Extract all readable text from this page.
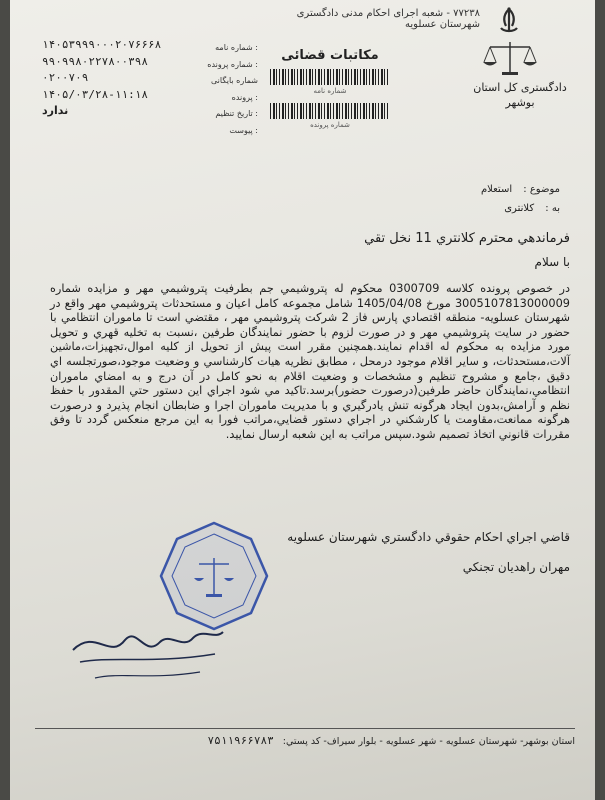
۷۷۲۳۸ - شعبه اجرای احکام مدنی دادگستری شهرستان عسلویه
دادگستری کل استان
بوشهر
مکاتبات قضائی
شماره نامه
شماره پرونده
شماره نامه :
شماره پرونده :
شماره بایگانی پرونده :
تاریخ تنظیم :
پیوست :
۱۴۰۵۳۹۹۹۰۰۰۲۰۷۶۶۶۸
۹۹۰۹۹۸۰۲۲۷۸۰۰۳۹۸
۰۲۰۰۷۰۹
۱۴۰۵/۰۳/۲۸-۱۱:۱۸
ندارد
موضوع : استعلام
به : کلانتری
فرماندهي محترم كلانتري 11 نخل تقي
با سلام
در خصوص پرونده کلاسه 0300709 محکوم له پتروشيمي جم بطرفيت پتروشيمي مهر و مزايده شماره 3005107813000009 مورخ 1405/04/08 شامل مجموعه کامل اعيان و مستحدثات پتروشيمي مهر واقع در شهرستان عسلويه- منطقه اقتصادي پارس فاز 2 شرکت پتروشيمي مهر ، مقتضي است تا ماموران انتظامي با حضور در سايت پتروشيمي مهر و در صورت لزوم با حضور نمايندگان طرفين ،نسبت به تخليه قهري و تحويل مورد مزايده به محکوم له اقدام نمايند.همچنين مقرر است پيش از تحويل از کليه اموال،تجهيزات،ماشين آلات،مستحدثات، و ساير اقلام موجود درمحل ، مطابق نظريه هيات کارشناسي و وضعيت موجود،صورتجلسه اي دقيق ،جامع و مشروح تنظيم و مشخصات و وضعيت اقلام به نحو کامل در آن درج و به امضاي ماموران انتظامي،نمايندگان حاضر طرفين(درصورت حضور)برسد.تاکيد مي شود اجراي اين دستور حتي المقدور با حفظ نظم و آرامش،بدون ايجاد هرگونه تنش يادرگيري و با مديريت ماموران اجرا و ضابطان انجام پذيرد و درصورت هرگونه ممانعت،مقاومت يا کارشکني در اجراي دستور قضايي،مراتب فورا به اين مرجع منعکس گردد تا وفق مقررات قانوني اتخاذ تصميم شود.سپس مراتب به اين شعبه ارسال نماييد.
قاضي اجراي احكام حقوقي دادگستري شهرستان عسلويه
مهران راهديان تجنكي
استان بوشهر- شهرستان عسلويه - شهر عسلويه - بلوار سيراف- كد پستي: ۷۵۱۱۹۶۶۷۸۳
